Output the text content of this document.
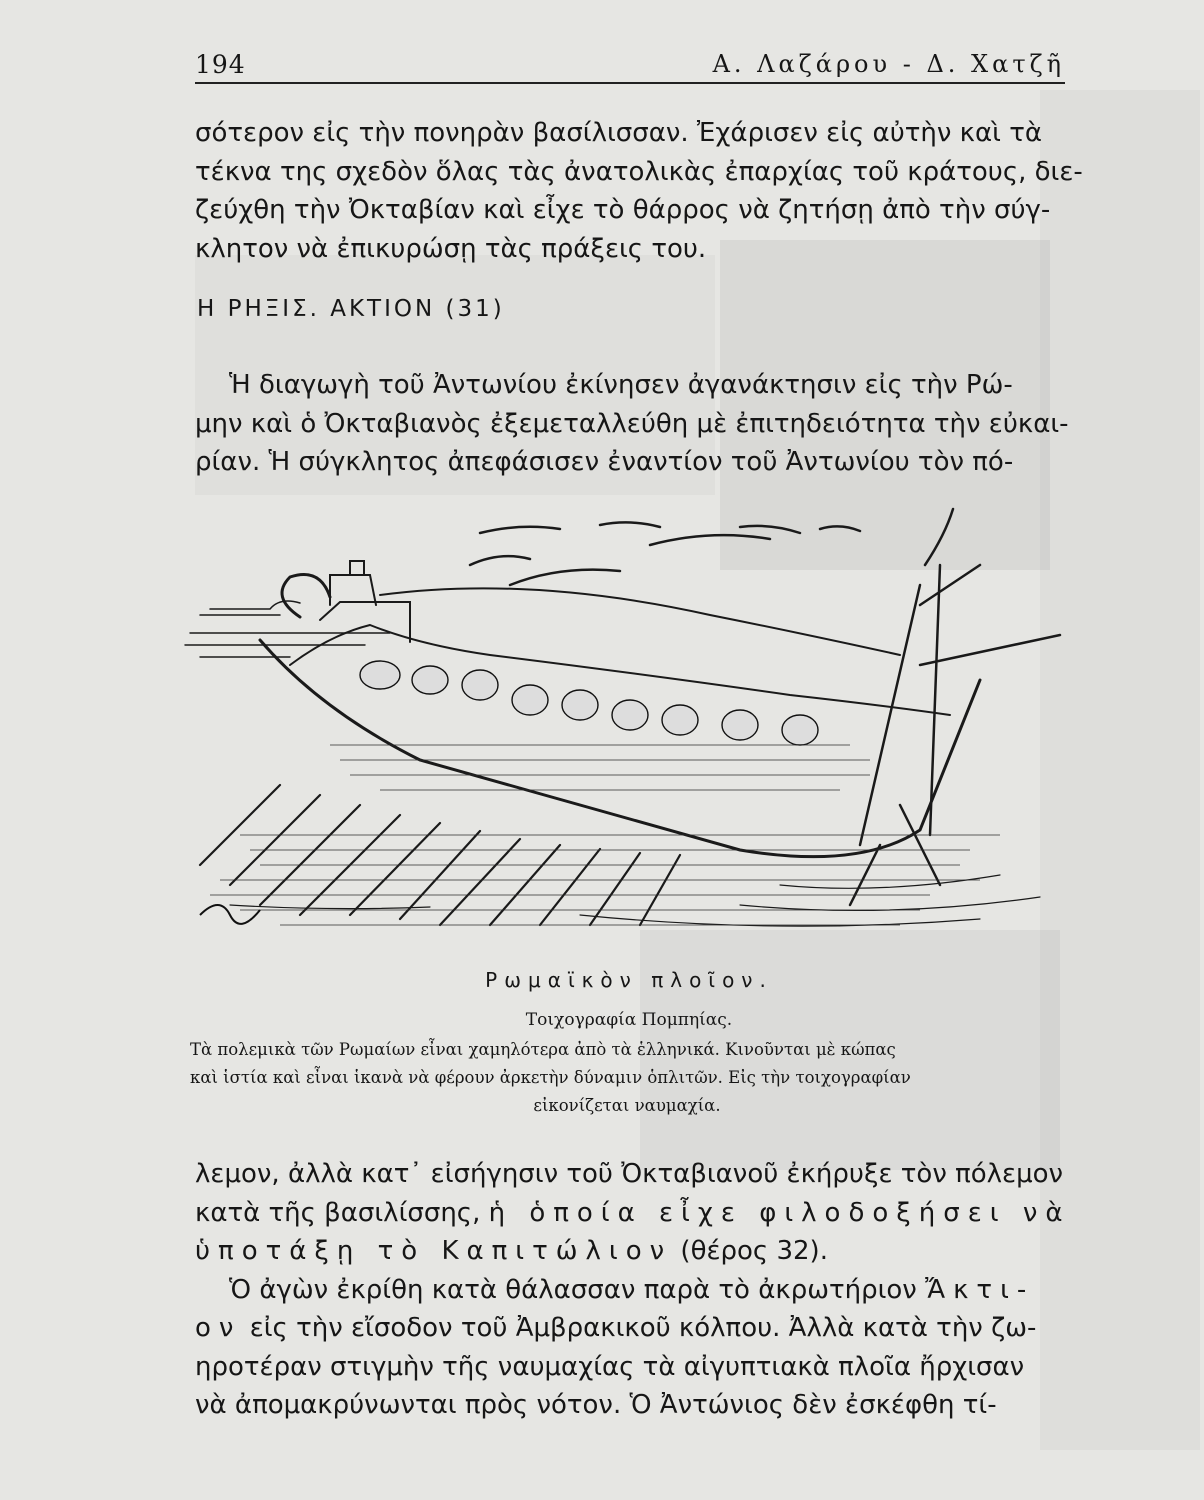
194	Α. Λαζάρου - Δ. Χατζῆ
σότερον εἰς τὴν πονηρὰν βασίλισσαν. Ἐχάρισεν εἰς αὐτὴν καὶ τὰ
τέκνα της σχεδὸν ὅλας τὰς ἀνατολικὰς ἐπαρχίας τοῦ κράτους, διε-
ζεύχθη τὴν Ὀκταβίαν καὶ εἶχε τὸ θάρρος νὰ ζητήσῃ ἀπὸ τὴν σύγ-
κλητον νὰ ἐπικυρώσῃ τὰς πράξεις του.
Η ΡΗΞΙΣ. ΑΚΤΙΟΝ (31)
Ἡ διαγωγὴ τοῦ Ἀντωνίου ἐκίνησεν ἀγανάκτησιν εἰς τὴν Ρώ-
μην καὶ ὁ Ὀκταβιανὸς ἐξεμεταλλεύθη μὲ ἐπιτηδειότητα τὴν εὐκαι-
ρίαν. Ἡ σύγκλητος ἀπεφάσισεν ἐναντίον τοῦ Ἀντωνίου τὸν πό-
Ρωμαϊκὸν πλοῖον.
Τοιχογραφία Πομπηίας.
Τὰ πολεμικὰ τῶν Ρωμαίων εἶναι χαμηλότερα ἀπὸ τὰ ἑλληνικά. Κινοῦνται μὲ κώπας
καὶ ἱστία καὶ εἶναι ἱκανὰ νὰ φέρουν ἀρκετὴν δύναμιν ὁπλιτῶν. Εἰς τὴν τοιχογραφίαν
εἰκονίζεται ναυμαχία.
λεμον, ἀλλὰ κατ᾽ εἰσήγησιν τοῦ Ὀκταβιανοῦ ἐκήρυξε τὸν πόλεμον
κατὰ τῆς βασιλίσσης, ἡ ὁποία εἶχε φιλοδοξήσει νὰ
ὑποτάξῃ τὸ Καπιτώλιον (θέρος 32).
Ὁ ἀγὼν ἐκρίθη κατὰ θάλασσαν παρὰ τὸ ἀκρωτήριον Ἄκτι-
ον εἰς τὴν εἴσοδον τοῦ Ἀμβρακικοῦ κόλπου. Ἀλλὰ κατὰ τὴν ζω-
ηροτέραν στιγμὴν τῆς ναυμαχίας τὰ αἰγυπτιακὰ πλοῖα ἤρχισαν
νὰ ἀπομακρύνωνται πρὸς νότον. Ὁ Ἀντώνιος δὲν ἐσκέφθη τί-
